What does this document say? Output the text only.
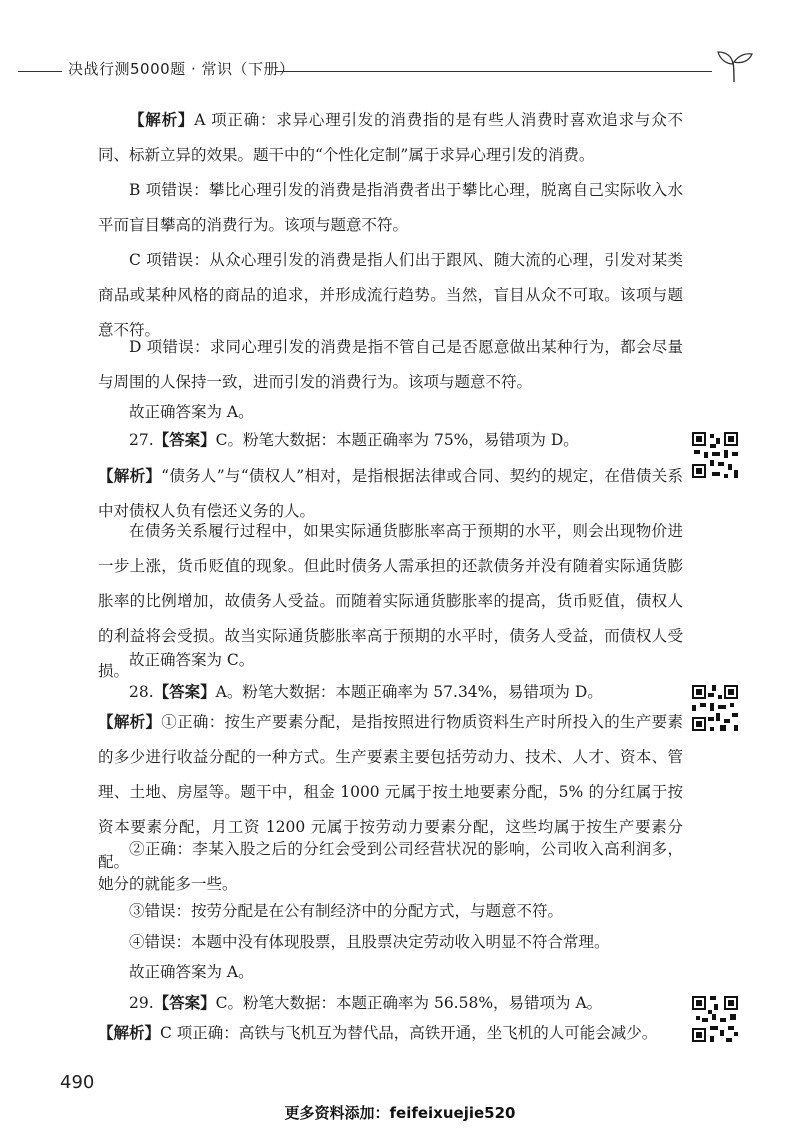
决战行测5000题 · 常识（下册）

【解析】A 项正确：求异心理引发的消费指的是有些人消费时喜欢追求与众不同、标新立异的效果。题干中的“个性化定制”属于求异心理引发的消费。

B 项错误：攀比心理引发的消费是指消费者出于攀比心理，脱离自己实际收入水平而盲目攀高的消费行为。该项与题意不符。

C 项错误：从众心理引发的消费是指人们出于跟风、随大流的心理，引发对某类商品或某种风格的商品的追求，并形成流行趋势。当然，盲目从众不可取。该项与题意不符。

D 项错误：求同心理引发的消费是指不管自己是否愿意做出某种行为，都会尽量与周围的人保持一致，进而引发的消费行为。该项与题意不符。

故正确答案为 A。

27.【答案】C。粉笔大数据：本题正确率为 75%，易错项为 D。

【解析】“债务人”与“债权人”相对，是指根据法律或合同、契约的规定，在借债关系中对债权人负有偿还义务的人。

在债务关系履行过程中，如果实际通货膨胀率高于预期的水平，则会出现物价进一步上涨，货币贬值的现象。但此时债务人需承担的还款债务并没有随着实际通货膨胀率的比例增加，故债务人受益。而随着实际通货膨胀率的提高，货币贬值，债权人的利益将会受损。故当实际通货膨胀率高于预期的水平时，债务人受益，而债权人受损。

故正确答案为 C。

28.【答案】A。粉笔大数据：本题正确率为 57.34%，易错项为 D。

【解析】①正确：按生产要素分配，是指按照进行物质资料生产时所投入的生产要素的多少进行收益分配的一种方式。生产要素主要包括劳动力、技术、人才、资本、管理、土地、房屋等。题干中，租金 1000 元属于按土地要素分配，5% 的分红属于按资本要素分配，月工资 1200 元属于按劳动力要素分配，这些均属于按生产要素分配。

②正确：李某入股之后的分红会受到公司经营状况的影响，公司收入高利润多，她分的就能多一些。

③错误：按劳分配是在公有制经济中的分配方式，与题意不符。

④错误：本题中没有体现股票，且股票决定劳动收入明显不符合常理。

故正确答案为 A。

29.【答案】C。粉笔大数据：本题正确率为 56.58%，易错项为 A。

【解析】C 项正确：高铁与飞机互为替代品，高铁开通，坐飞机的人可能会减少。

490
更多资料添加：feifeixuejie520
